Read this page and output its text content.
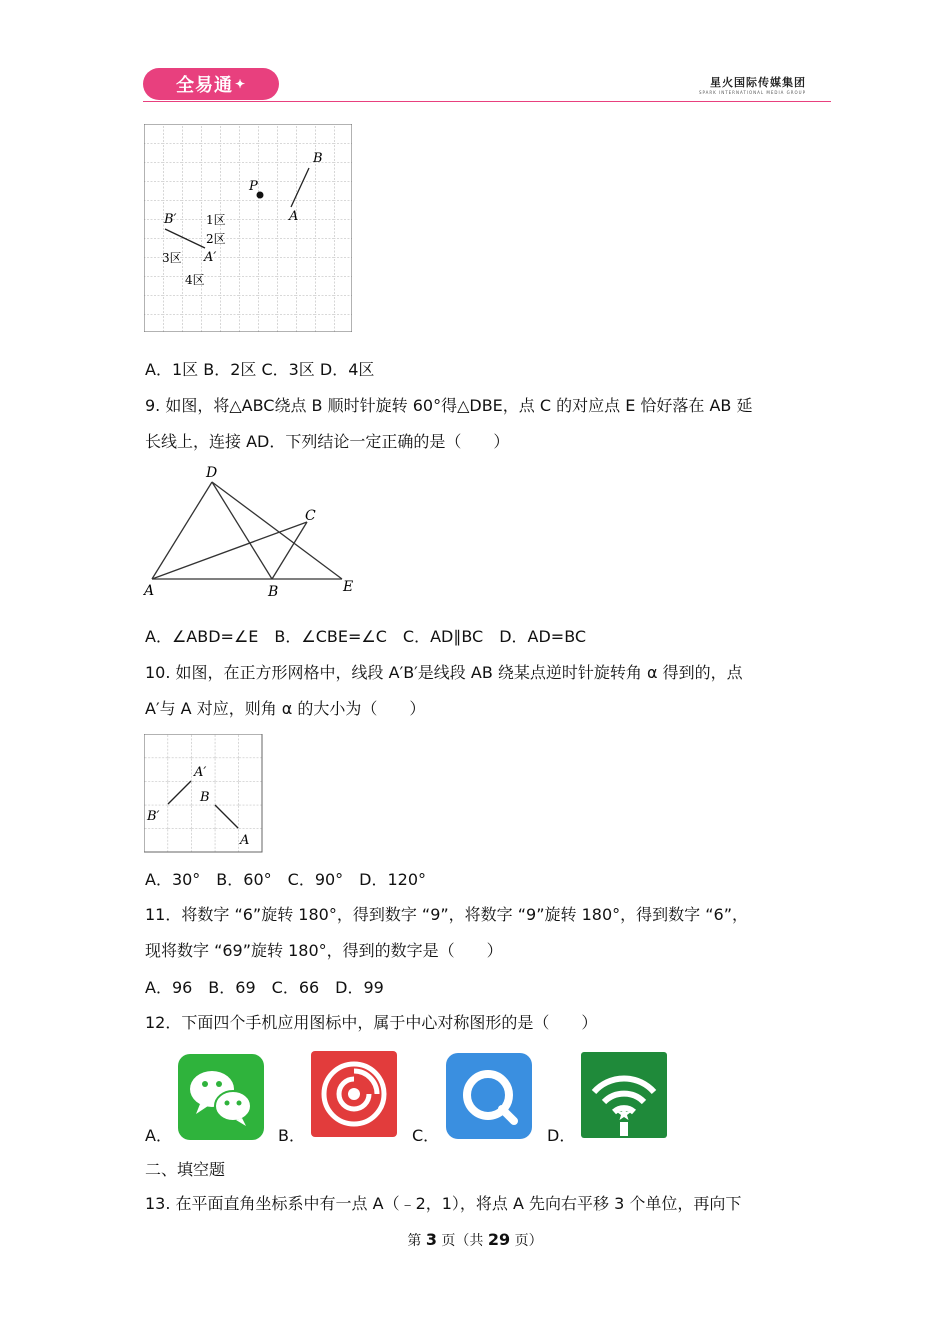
全易通 ✦	星火国际传媒集团
SPARK INTERNATIONAL MEDIA GROUP
B
P
A
B′
A′
1区
2区
3区
4区
A．1区 B．2区 C．3区 D．4区
9. 如图，将△ABC绕点 B 顺时针旋转 60°得△DBE，点 C 的对应点 E 恰好落在 AB 延
长线上，连接 AD．下列结论一定正确的是（　　）
D
C
A	B	E
A．∠ABD=∠E　B．∠CBE=∠C　C．AD∥BC　D．AD=BC
10. 如图，在正方形网格中，线段 A′B′是线段 AB 绕某点逆时针旋转角 α 得到的，点
A′与 A 对应，则角 α 的大小为（　　）
A′
B
B′
A
A．30°　B．60°　C．90°　D．120°
11．将数字 “6”旋转 180°，得到数字 “9”，将数字 “9”旋转 180°，得到数字 “6”，
现将数字 “69”旋转 180°，得到的数字是（　　）
A．96　B．69　C．66　D．99
12．下面四个手机应用图标中，属于中心对称图形的是（　　）
A．	B．	C．	D．
二、填空题
13. 在平面直角坐标系中有一点 A（﹣2，1），将点 A 先向右平移 3 个单位，再向下
第 3 页（共 29 页）
